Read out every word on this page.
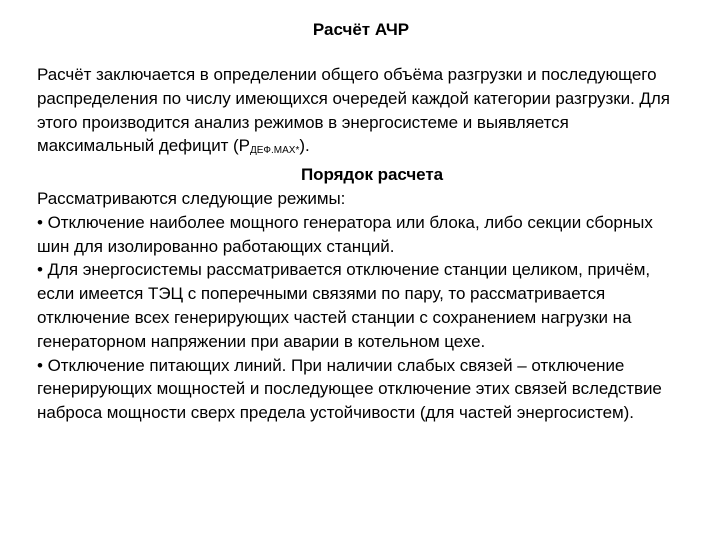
Расчёт АЧР

Расчёт заключается в определении общего объёма разгрузки и последующего распределения по числу имеющихся очередей каждой категории разгрузки. Для этого производится анализ режимов в энергосистеме и выявляется максимальный дефицит $(Р_{ДЕФ.МАХ*})$.

Порядок расчета

Рассматриваются следующие режимы:

• Отключение наиболее мощного генератора или блока, либо секции сборных шин для изолированно работающих станций.

• Для энергосистемы рассматривается отключение станции целиком, причём, если имеется ТЭЦ с поперечными связями по пару, то рассматривается отключение всех генерирующих частей станции с сохранением нагрузки на генераторном напряжении при аварии в котельном цехе.

• Отключение питающих линий. При наличии слабых связей – отключение генерирующих мощностей и последующее отключение этих связей вследствие наброса мощности сверх предела устойчивости (для частей энергосистем).
